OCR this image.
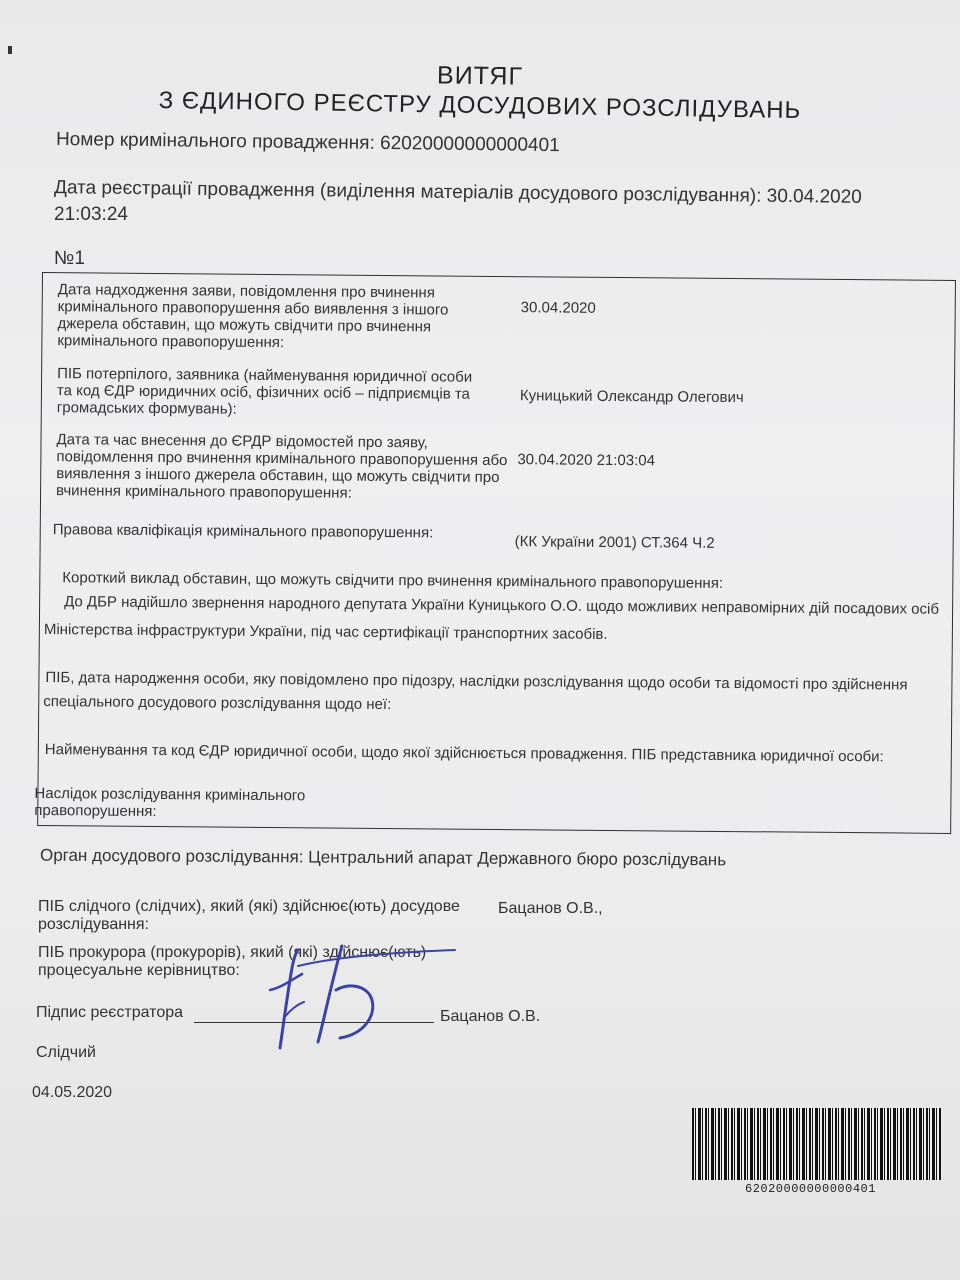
ВИТЯГ
З ЄДИНОГО РЕЄСТРУ ДОСУДОВИХ РОЗСЛІДУВАНЬ
Номер кримінального провадження: 62020000000000401
Дата реєстрації провадження (виділення матеріалів досудового розслідування): 30.04.2020
21:03:24
№1
Дата надходження заяви, повідомлення про вчинення
кримінального правопорушення або виявлення з іншого
джерела обставин, що можуть свідчити про вчинення
кримінального правопорушення:
30.04.2020
ПІБ потерпілого, заявника (найменування юридичної особи
та код ЄДР юридичних осіб, фізичних осіб – підприємців та
громадських формувань):
Куницький Олександр Олегович
Дата та час внесення до ЄРДР відомостей про заяву,
повідомлення про вчинення кримінального правопорушення або
виявлення з іншого джерела обставин, що можуть свідчити про
вчинення кримінального правопорушення:
30.04.2020 21:03:04
Правова кваліфікація кримінального правопорушення:
(КК України 2001) СТ.364 Ч.2
Короткий виклад обставин, що можуть свідчити про вчинення кримінального правопорушення:
До ДБР надійшло звернення народного депутата України Куницького О.О. щодо можливих неправомірних дій посадових осіб
Міністерства інфраструктури України, під час сертифікації транспортних засобів.
ПІБ, дата народження особи, яку повідомлено про підозру, наслідки розслідування щодо особи та відомості про здійснення
спеціального досудового розслідування щодо неї:
Найменування та код ЄДР юридичної особи, щодо якої здійснюється провадження. ПІБ представника юридичної особи:
Наслідок розслідування кримінального
правопорушення:
Орган досудового розслідування: Центральний апарат Державного бюро розслідувань
ПІБ слідчого (слідчих), який (які) здійснює(ють) досудове
розслідування:
Бацанов О.В.,
ПІБ прокурора (прокурорів), який (які) здійснює(ють)
процесуальне керівництво:
Підпис реєстратора	Бацанов О.В.
Слідчий
04.05.2020
62020000000000401
